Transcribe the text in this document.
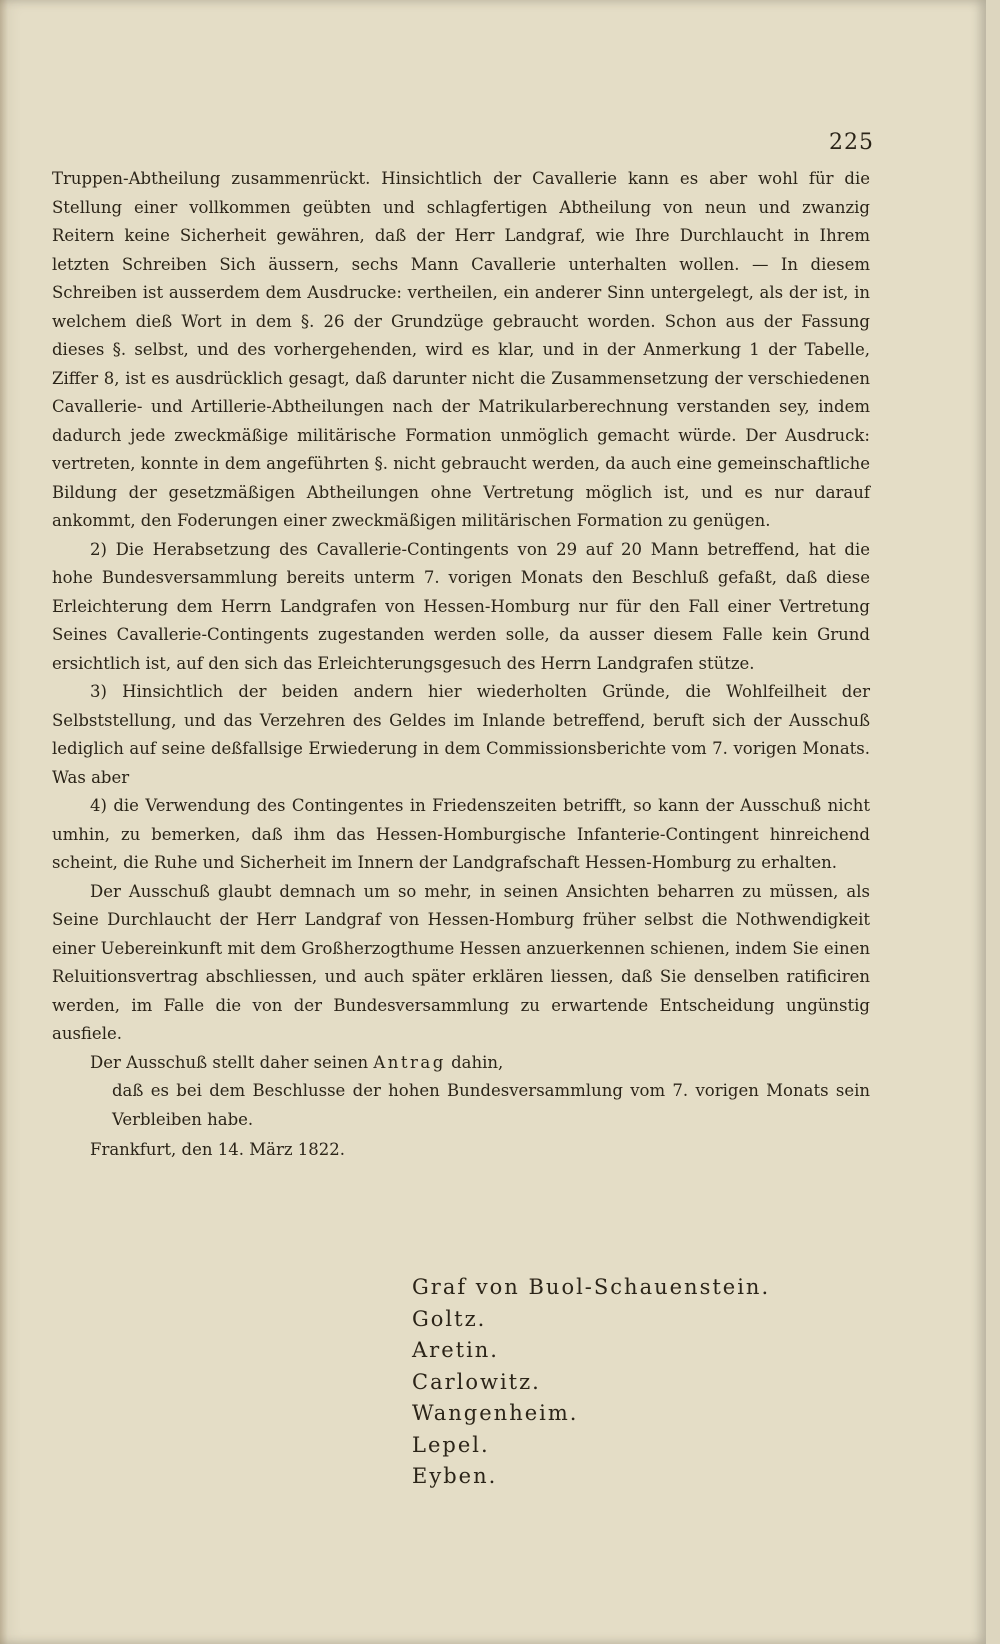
225

Truppen-Abtheilung zusammenrückt. Hinsichtlich der Cavallerie kann es aber wohl für die Stellung einer vollkommen geübten und schlagfertigen Abtheilung von neun und zwanzig Reitern keine Sicherheit gewähren, daß der Herr Landgraf, wie Ihre Durchlaucht in Ihrem letzten Schreiben Sich äussern, sechs Mann Cavallerie unterhalten wollen. — In diesem Schreiben ist ausserdem dem Ausdrucke: vertheilen, ein anderer Sinn untergelegt, als der ist, in welchem dieß Wort in dem §. 26 der Grundzüge gebraucht worden. Schon aus der Fassung dieses §. selbst, und des vorhergehenden, wird es klar, und in der Anmerkung 1 der Tabelle, Ziffer 8, ist es ausdrücklich gesagt, daß darunter nicht die Zusammensetzung der verschiedenen Cavallerie- und Artillerie-Abtheilungen nach der Matrikularberechnung verstanden sey, indem dadurch jede zweckmäßige militärische Formation unmöglich gemacht würde. Der Ausdruck: vertreten, konnte in dem angeführten §. nicht gebraucht werden, da auch eine gemeinschaftliche Bildung der gesetzmäßigen Abtheilungen ohne Vertretung möglich ist, und es nur darauf ankommt, den Foderungen einer zweckmäßigen militärischen Formation zu genügen.

2) Die Herabsetzung des Cavallerie-Contingents von 29 auf 20 Mann betreffend, hat die hohe Bundesversammlung bereits unterm 7. vorigen Monats den Beschluß gefaßt, daß diese Erleichterung dem Herrn Landgrafen von Hessen-Homburg nur für den Fall einer Vertretung Seines Cavallerie-Contingents zugestanden werden solle, da ausser diesem Falle kein Grund ersichtlich ist, auf den sich das Erleichterungsgesuch des Herrn Landgrafen stütze.

3) Hinsichtlich der beiden andern hier wiederholten Gründe, die Wohlfeilheit der Selbststellung, und das Verzehren des Geldes im Inlande betreffend, beruft sich der Ausschuß lediglich auf seine deßfallsige Erwiederung in dem Commissionsberichte vom 7. vorigen Monats. Was aber

4) die Verwendung des Contingentes in Friedenszeiten betrifft, so kann der Ausschuß nicht umhin, zu bemerken, daß ihm das Hessen-Homburgische Infanterie-Contingent hinreichend scheint, die Ruhe und Sicherheit im Innern der Landgrafschaft Hessen-Homburg zu erhalten.

Der Ausschuß glaubt demnach um so mehr, in seinen Ansichten beharren zu müssen, als Seine Durchlaucht der Herr Landgraf von Hessen-Homburg früher selbst die Nothwendigkeit einer Uebereinkunft mit dem Großherzogthume Hessen anzuerkennen schienen, indem Sie einen Reluitionsvertrag abschliessen, und auch später erklären liessen, daß Sie denselben ratificiren werden, im Falle die von der Bundesversammlung zu erwartende Entscheidung ungünstig ausfiele.

Der Ausschuß stellt daher seinen Antrag dahin,

daß es bei dem Beschlusse der hohen Bundesversammlung vom 7. vorigen Monats sein Verbleiben habe.

Frankfurt, den 14. März 1822.

Graf von Buol-Schauenstein.
Goltz.
Aretin.
Carlowitz.
Wangenheim.
Lepel.
Eyben.
